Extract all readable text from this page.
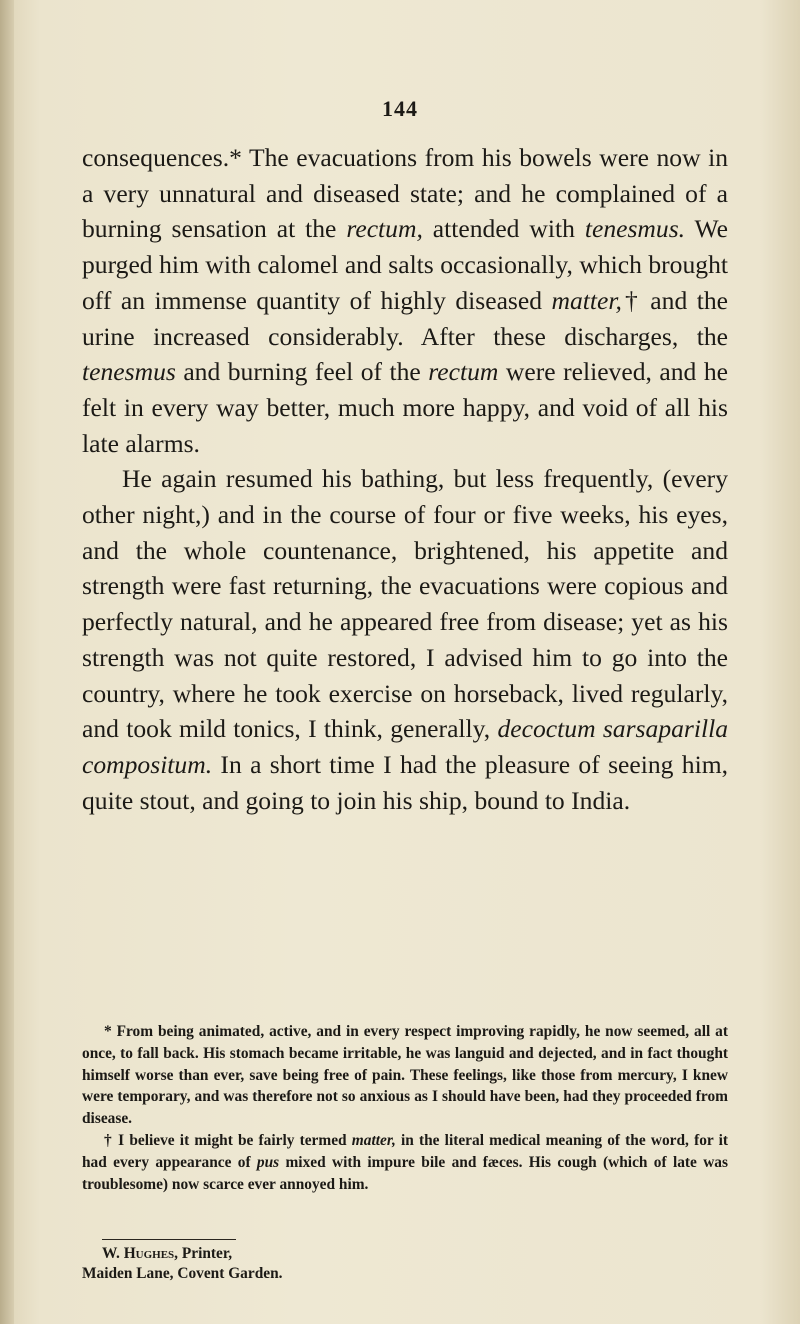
144

consequences.* The evacuations from his bowels were now in a very unnatural and diseased state; and he complained of a burning sensation at the rectum, attended with tenesmus. We purged him with calomel and salts occasionally, which brought off an immense quantity of highly diseased matter,† and the urine increased considerably. After these discharges, the tenesmus and burning feel of the rectum were relieved, and he felt in every way better, much more happy, and void of all his late alarms.

He again resumed his bathing, but less frequently, (every other night,) and in the course of four or five weeks, his eyes, and the whole countenance, brightened, his appetite and strength were fast returning, the evacuations were copious and perfectly natural, and he appeared free from disease; yet as his strength was not quite restored, I advised him to go into the country, where he took exercise on horseback, lived regularly, and took mild tonics, I think, generally, decoctum sarsaparilla compositum. In a short time I had the pleasure of seeing him, quite stout, and going to join his ship, bound to India.

* From being animated, active, and in every respect improving rapidly, he now seemed, all at once, to fall back. His stomach became irritable, he was languid and dejected, and in fact thought himself worse than ever, save being free of pain. These feelings, like those from mercury, I knew were temporary, and was therefore not so anxious as I should have been, had they proceeded from disease.

† I believe it might be fairly termed matter, in the literal medical meaning of the word, for it had every appearance of pus mixed with impure bile and fæces. His cough (which of late was troublesome) now scarce ever annoyed him.

W. Hughes, Printer,
Maiden Lane, Covent Garden.
